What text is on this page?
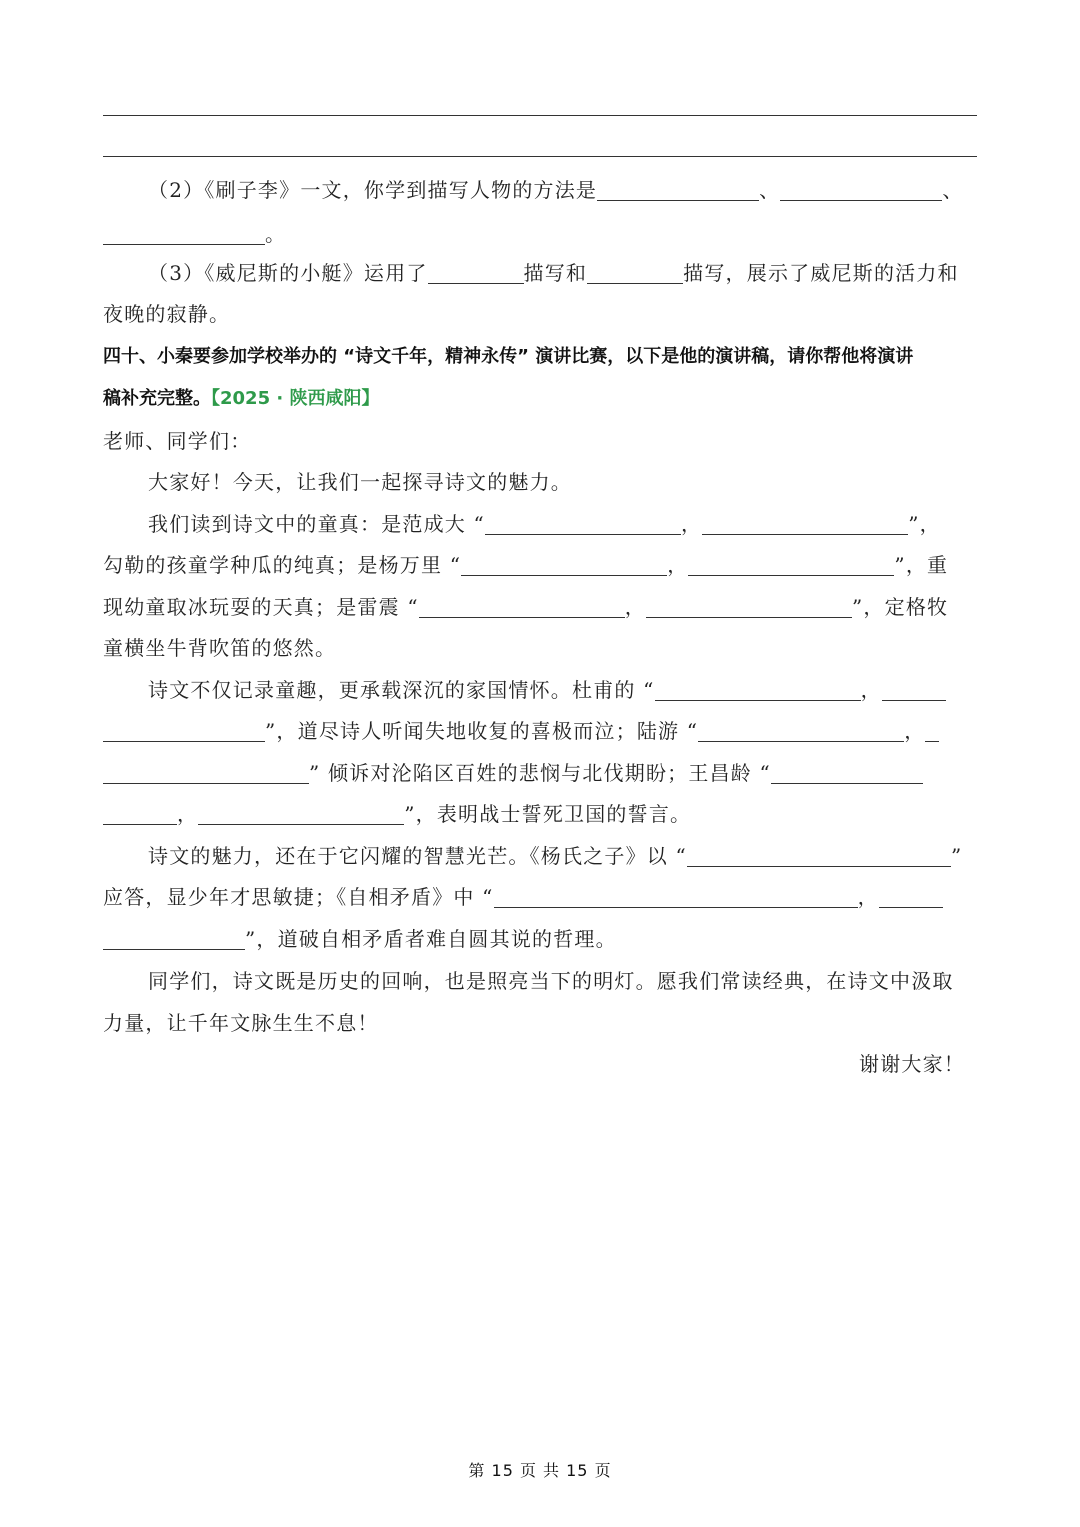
（2）《刷子李》一文，你学到描写人物的方法是	、	、
。
（3）《威尼斯的小艇》运用了	描写和	描写，展示了威尼斯的活力和
夜晚的寂静。
四十、小秦要参加学校举办的 “诗文千年，精神永传” 演讲比赛，以下是他的演讲稿，请你帮他将演讲
稿补充完整。【2025 · 陕西咸阳】
老师、同学们：
大家好！今天，让我们一起探寻诗文的魅力。
我们读到诗文中的童真：是范成大 “	，	”，
勾勒的孩童学种瓜的纯真；是杨万里 “	，	”，重
现幼童取冰玩耍的天真；是雷震 “	，	”，定格牧
童横坐牛背吹笛的悠然。
诗文不仅记录童趣，更承载深沉的家国情怀。杜甫的 “	，
”，道尽诗人听闻失地收复的喜极而泣；陆游 “	，
” 倾诉对沦陷区百姓的悲悯与北伐期盼；王昌龄 “
，	”，表明战士誓死卫国的誓言。
诗文的魅力，还在于它闪耀的智慧光芒。《杨氏之子》以 “	”
应答，显少年才思敏捷；《自相矛盾》中 “	，
”，道破自相矛盾者难自圆其说的哲理。
同学们，诗文既是历史的回响，也是照亮当下的明灯。愿我们常读经典，在诗文中汲取
力量，让千年文脉生生不息！
谢谢大家！
第 15 页 共 15 页
